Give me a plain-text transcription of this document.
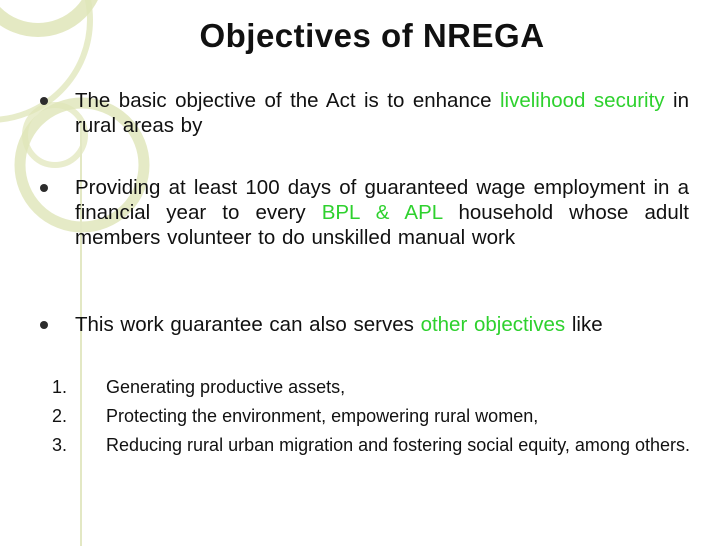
Objectives of NREGA
The basic objective of the Act is to enhance livelihood security in rural areas by
Providing at least 100 days of guaranteed wage employment in a financial year to every BPL & APL household whose adult members volunteer to do unskilled manual work
This work guarantee can also serves other objectives like
1.	Generating productive assets,
2.	Protecting the environment, empowering rural women,
3.	Reducing rural urban migration and fostering social equity, among others.
